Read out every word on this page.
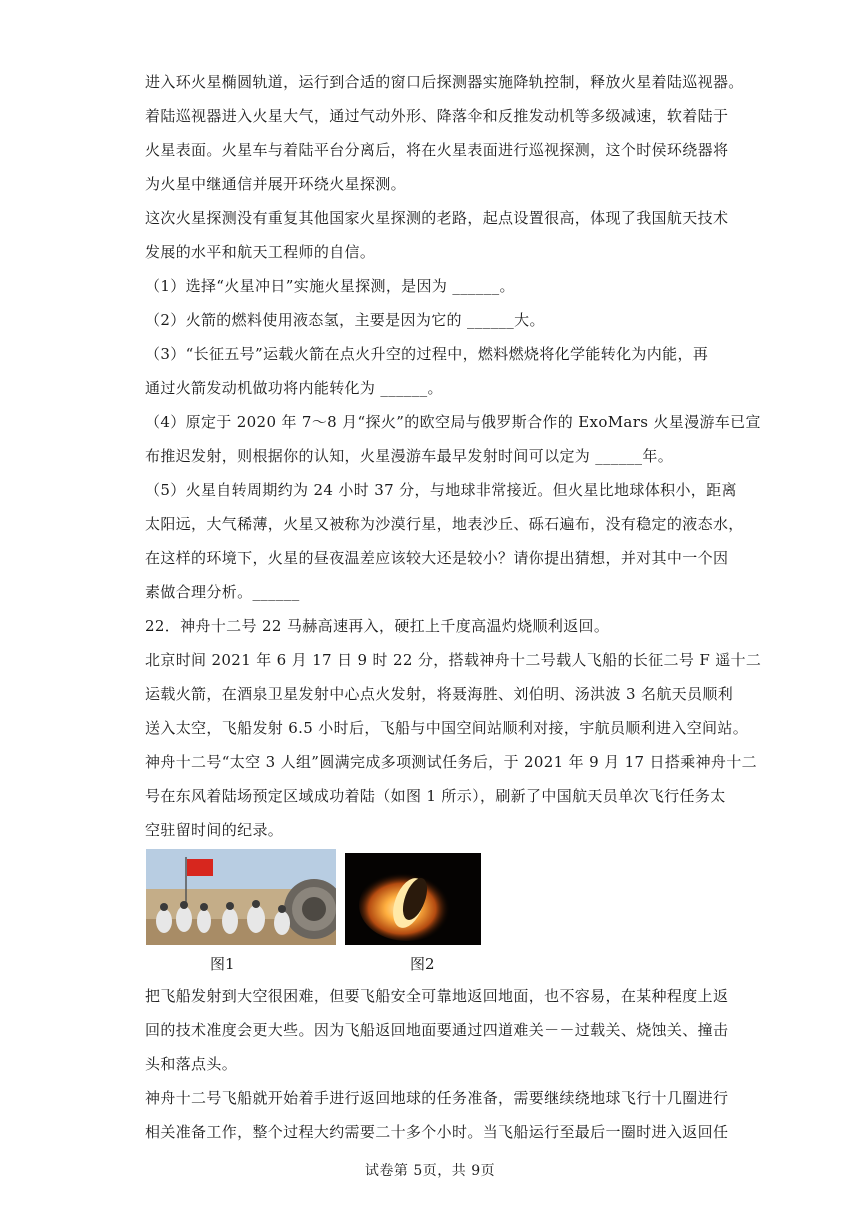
进入环火星椭圆轨道，运行到合适的窗口后探测器实施降轨控制，释放火星着陆巡视器。

着陆巡视器进入火星大气，通过气动外形、降落伞和反推发动机等多级减速，软着陆于

火星表面。火星车与着陆平台分离后，将在火星表面进行巡视探测，这个时侯环绕器将

为火星中继通信并展开环绕火星探测。

这次火星探测没有重复其他国家火星探测的老路，起点设置很高，体现了我国航天技术

发展的水平和航天工程师的自信。

（1）选择“火星冲日”实施火星探测，是因为 ______。

（2）火箭的燃料使用液态氢，主要是因为它的 ______大。

（3）“长征五号”运载火箭在点火升空的过程中，燃料燃烧将化学能转化为内能，再

通过火箭发动机做功将内能转化为 ______。

（4）原定于 2020 年 7～8 月“探火”的欧空局与俄罗斯合作的 ExoMars 火星漫游车已宣

布推迟发射，则根据你的认知，火星漫游车最早发射时间可以定为 ______年。

（5）火星自转周期约为 24 小时 37 分，与地球非常接近。但火星比地球体积小，距离

太阳远，大气稀薄，火星又被称为沙漠行星，地表沙丘、砾石遍布，没有稳定的液态水，

在这样的环境下，火星的昼夜温差应该较大还是较小？请你提出猜想，并对其中一个因

素做合理分析。______

22．神舟十二号 22 马赫高速再入，硬扛上千度高温灼烧顺利返回。

北京时间 2021 年 6 月 17 日 9 时 22 分，搭载神舟十二号载人飞船的长征二号 F 遥十二

运载火箭，在酒泉卫星发射中心点火发射，将聂海胜、刘伯明、汤洪波 3 名航天员顺利

送入太空，飞船发射 6.5 小时后，飞船与中国空间站顺利对接，宇航员顺利进入空间站。

神舟十二号“太空 3 人组”圆满完成多项测试任务后，于 2021 年 9 月 17 日搭乘神舟十二

号在东风着陆场预定区域成功着陆（如图 1 所示），刷新了中国航天员单次飞行任务太

空驻留时间的纪录。

图1	图2

把飞船发射到大空很困难，但要飞船安全可靠地返回地面，也不容易，在某种程度上返

回的技术准度会更大些。因为飞船返回地面要通过四道难关－－过载关、烧蚀关、撞击

头和落点头。

神舟十二号飞船就开始着手进行返回地球的任务准备，需要继续绕地球飞行十几圈进行

相关准备工作，整个过程大约需要二十多个小时。当飞船运行至最后一圈时进入返回任

试卷第 5页，共 9页
